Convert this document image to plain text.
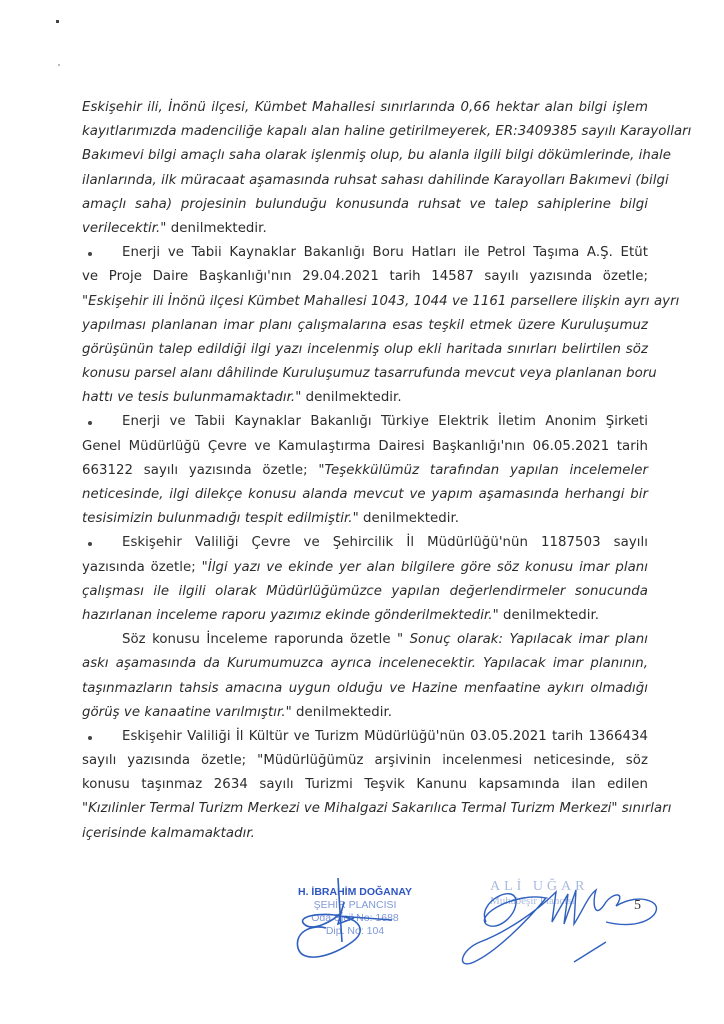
Eskişehir ili, İnönü ilçesi, Kümbet Mahallesi sınırlarında 0,66 hektar alan bilgi işlem
kayıtlarımızda madenciliğe kapalı alan haline getirilmeyerek, ER:3409385 sayılı Karayolları
Bakımevi bilgi amaçlı saha olarak işlenmiş olup, bu alanla ilgili bilgi dökümlerinde, ihale
ilanlarında, ilk müracaat aşamasında ruhsat sahası dahilinde Karayolları Bakımevi (bilgi
amaçlı saha) projesinin bulunduğu konusunda ruhsat ve talep sahiplerine bilgi
verilecektir." denilmektedir.
Enerji ve Tabii Kaynaklar Bakanlığı Boru Hatları ile Petrol Taşıma A.Ş. Etüt
ve Proje Daire Başkanlığı'nın 29.04.2021 tarih 14587 sayılı yazısında özetle;
"Eskişehir ili İnönü ilçesi Kümbet Mahallesi 1043, 1044 ve 1161 parsellere ilişkin ayrı ayrı
yapılması planlanan imar planı çalışmalarına esas teşkil etmek üzere Kuruluşumuz
görüşünün talep edildiği ilgi yazı incelenmiş olup ekli haritada sınırları belirtilen söz
konusu parsel alanı dâhilinde Kuruluşumuz tasarrufunda mevcut veya planlanan boru
hattı ve tesis bulunmamaktadır." denilmektedir.
Enerji ve Tabii Kaynaklar Bakanlığı Türkiye Elektrik İletim Anonim Şirketi
Genel Müdürlüğü Çevre ve Kamulaştırma Dairesi Başkanlığı'nın 06.05.2021 tarih
663122 sayılı yazısında özetle; "Teşekkülümüz tarafından yapılan incelemeler
neticesinde, ilgi dilekçe konusu alanda mevcut ve yapım aşamasında herhangi bir
tesisimizin bulunmadığı tespit edilmiştir." denilmektedir.
Eskişehir Valiliği Çevre ve Şehircilik İl Müdürlüğü'nün 1187503 sayılı
yazısında özetle; "İlgi yazı ve ekinde yer alan bilgilere göre söz konusu imar planı
çalışması ile ilgili olarak Müdürlüğümüzce yapılan değerlendirmeler sonucunda
hazırlanan inceleme raporu yazımız ekinde gönderilmektedir." denilmektedir.
Söz konusu İnceleme raporunda özetle " Sonuç olarak: Yapılacak imar planı
askı aşamasında da Kurumumuzca ayrıca incelenecektir. Yapılacak imar planının,
taşınmazların tahsis amacına uygun olduğu ve Hazine menfaatine aykırı olmadığı
görüş ve kanaatine varılmıştır." denilmektedir.
Eskişehir Valiliği İl Kültür ve Turizm Müdürlüğü'nün 03.05.2021 tarih 1366434
sayılı yazısında özetle; "Müdürlüğümüz arşivinin incelenmesi neticesinde, söz
konusu taşınmaz 2634 sayılı Turizmi Teşvik Kanunu kapsamında ilan edilen
"Kızılinler Termal Turizm Merkezi ve Mihalgazi Sakarılıca Termal Turizm Merkezi" sınırları
içerisinde kalmamaktadır.
H. İBRAHİM DOĞANAY
ŞEHİR PLANCISI
Oda Sicil No: 1688
Dip. No: 104
ALİ UĞAR
Muhabeşir Plancısı	5
